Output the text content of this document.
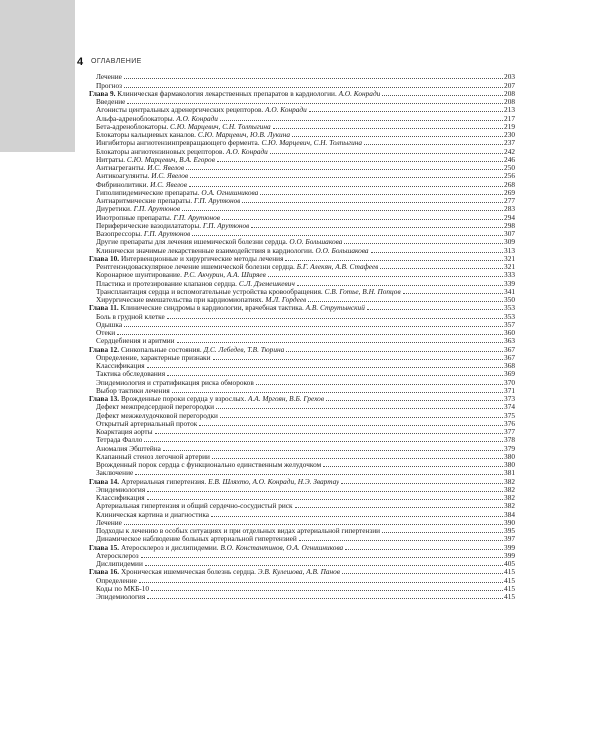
4 ОГЛАВЛЕНИЕ
Лечение	203
Прогноз	207
Глава 9. Клиническая фармакология лекарственных препаратов в кардиологии. А.О. Конради	208
Введение	208
Агонисты центральных адренергических рецепторов. А.О. Конради	213
Альфа-адреноблокаторы. А.О. Конради	217
Бета-адреноблокаторы. С.Ю. Марцевич, С.Н. Толпыгина	219
Блокаторы кальциевых каналов. С.Ю. Марцевич, Ю.В. Лукина	230
Ингибиторы ангиотензинпревращающего фермента. С.Ю. Марцевич, С.Н. Толпыгина	237
Блокаторы ангиотензиновых рецепторов. А.О. Конради	242
Нитраты. С.Ю. Марцевич, В.А. Егоров	246
Антиагреганты. И.С. Явелов	250
Антикоагулянты. И.С. Явелов	256
Фибринолитики. И.С. Явелов	268
Гиполипидемические препараты. О.А. Огнишникова	269
Антиаритмические препараты. Г.П. Арутюнов	277
Диуретики. Г.П. Арутюнов	283
Инотропные препараты. Г.П. Арутюнов	294
Периферические вазодилататоры. Г.П. Арутюнов	298
Вазопрессоры. Г.П. Арутюнов	307
Другие препараты для лечения ишемической болезни сердца. О.О. Большакова	309
Клинически значимые лекарственные взаимодействия в кардиологии. О.О. Большакова	313
Глава 10. Интервенционные и хирургические методы лечения	321
Рентгенэндоваскулярное лечение ишемической болезни сердца. Б.Г. Алекян, А.В. Стафеев	321
Коронарное шунтирование. Р.С. Акчурин, А.А. Ширяев	333
Пластика и протезирование клапанов сердца. С.Л. Дземешкевич	339
Трансплантация сердца и вспомогательные устройства кровообращения. С.В. Готье, В.Н. Попцов	341
Хирургические вмешательства при кардиомиопатиях. М.Л. Гордеев	350
Глава 11. Клинические синдромы в кардиологии, врачебная тактика. А.В. Струтынский	353
Боль в грудной клетке	353
Одышка	357
Отеки	360
Сердцебиения и аритмии	363
Глава 12. Синкопальные состояния. Д.С. Лебедев, Т.В. Тюрина	367
Определение, характерные признаки	367
Классификация	368
Тактика обследования	369
Эпидемиология и стратификация риска обмороков	370
Выбор тактики лечения	371
Глава 13. Врожденные пороки сердца у взрослых. А.А. Мргоян, В.Б. Грехов	373
Дефект межпредсердной перегородки	374
Дефект межжелудочковой перегородки	375
Открытый артериальный проток	376
Коарктация аорты	377
Тетрада Фалло	378
Аномалия Эбштейна	379
Клапанный стеноз легочной артерии	380
Врожденный порок сердца с функционально единственным желудочком	380
Заключение	381
Глава 14. Артериальная гипертензия. Е.В. Шляхто, А.О. Конради, Н.Э. Звартау	382
Эпидемиология	382
Классификация	382
Артериальная гипертензия и общий сердечно-сосудистый риск	382
Клиническая картина и диагностика	384
Лечение	390
Подходы к лечению в особых ситуациях и при отдельных видах артериальной гипертензии	395
Динамическое наблюдение больных артериальной гипертензией	397
Глава 15. Атеросклероз и дислипидемии. В.О. Константинов, О.А. Огнишникова	399
Атеросклероз	399
Дислипидемии	405
Глава 16. Хроническая ишемическая болезнь сердца. Э.В. Кулешова, А.В. Панов	415
Определение	415
Коды по МКБ-10	415
Эпидемиология	415
